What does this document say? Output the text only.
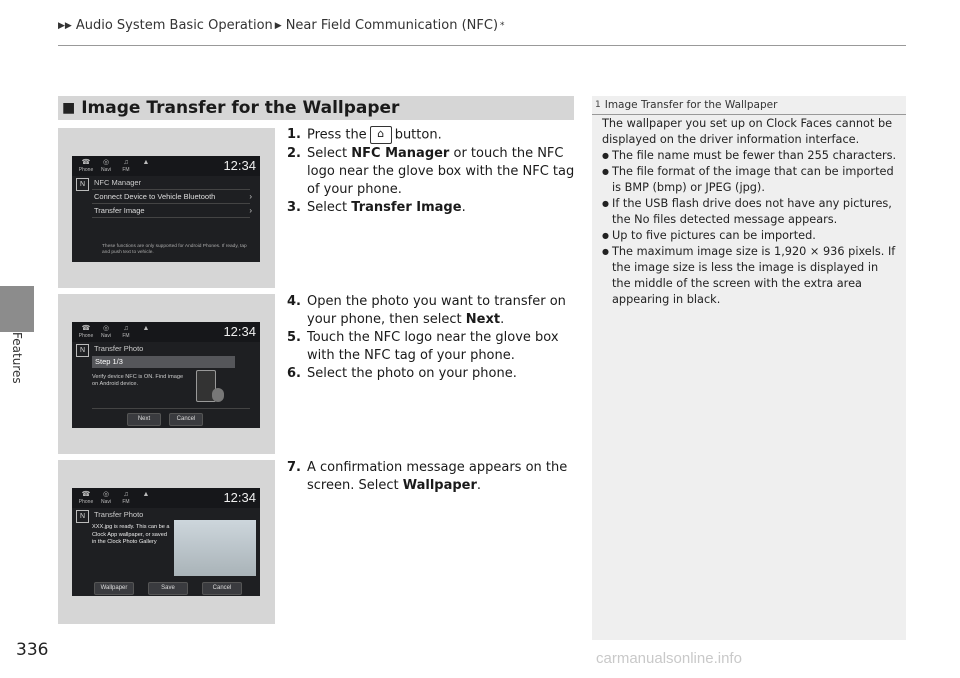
▶▶ Audio System Basic Operation ▶ Near Field Communication (NFC) *
Features
336	carmanualsonline.info
■ Image Transfer for the Wallpaper
☎
Phone
◎
Navi
♫
FM
▲	12:34
N	NFC Manager
Connect Device to Vehicle Bluetooth	›
Transfer Image	›
These functions are only supported for Android Phones. If ready, tap and push text to vehicle.
☎
Phone
◎
Navi
♫
FM
▲	12:34
N	Transfer Photo
Step 1/3
Verify device NFC is ON. Find image on Android device.
Next	Cancel
☎
Phone
◎
Navi
♫
FM
▲	12:34
N	Transfer Photo
XXX.jpg is ready. This can be a Clock App wallpaper, or saved in the Clock Photo Gallery
Wallpaper	Save	Cancel
1. Press the ⌂ button.
2. Select NFC Manager or touch the NFC logo near the glove box with the NFC tag of your phone.
3. Select Transfer Image.
4. Open the photo you want to transfer on your phone, then select Next.
5. Touch the NFC logo near the glove box with the NFC tag of your phone.
6. Select the photo on your phone.
7. A confirmation message appears on the screen. Select Wallpaper.
1 Image Transfer for the Wallpaper

The wallpaper you set up on Clock Faces cannot be displayed on the driver information interface.

● The file name must be fewer than 255 characters.
● The file format of the image that can be imported is BMP (bmp) or JPEG (jpg).
● If the USB flash drive does not have any pictures, the No files detected message appears.
● Up to five pictures can be imported.
● The maximum image size is 1,920 × 936 pixels. If the image size is less the image is displayed in the middle of the screen with the extra area appearing in black.
